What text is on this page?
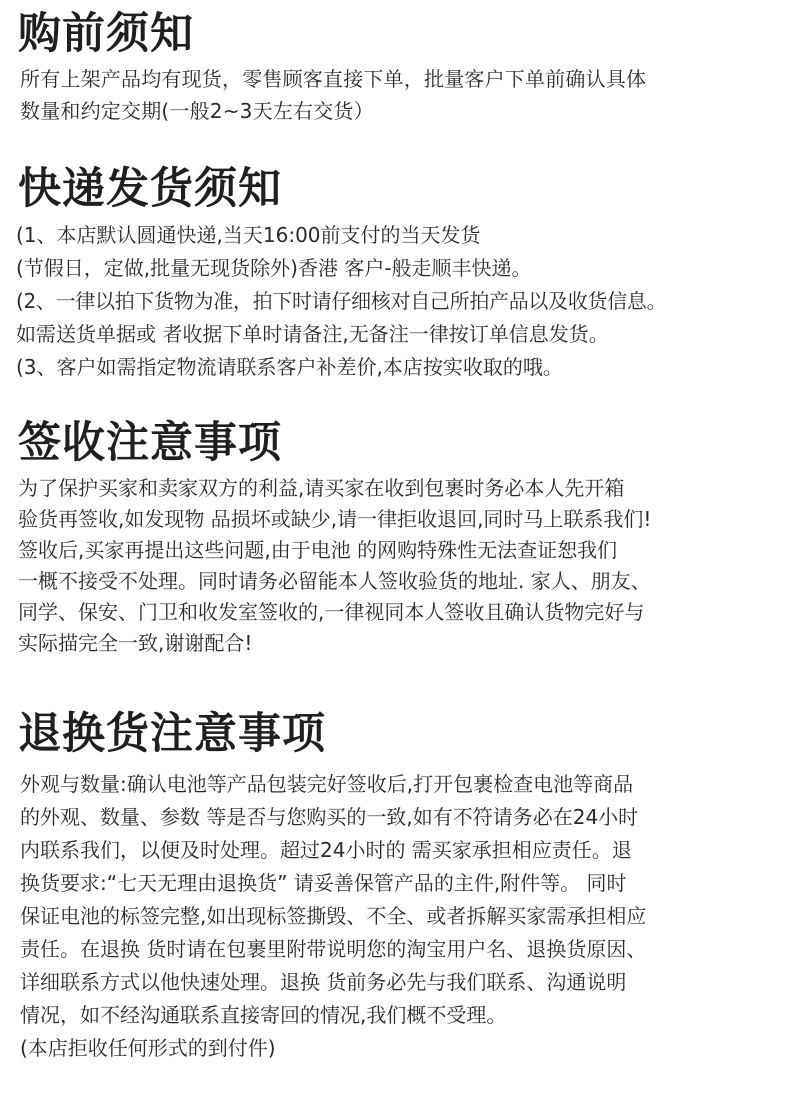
购前须知
所有上架产品均有现货，零售顾客直接下单，批量客户下单前确认具体
数量和约定交期(一般2~3天左右交货）
快递发货须知
(1、本店默认圆通快递,当天16:00前支付的当天发货
(节假日，定做,批量无现货除外)香港 客户-般走顺丰快递。
(2、一律以拍下货物为准，拍下时请仔细核对自己所拍产品以及收货信息。
如需送货单据或 者收据下单时请备注,无备注一律按订单信息发货。
(3、客户如需指定物流请联系客户补差价,本店按实收取的哦。
签收注意事项
为了保护买家和卖家双方的利益,请买家在收到包裹时务必本人先开箱
验货再签收,如发现物 品损坏或缺少,请一律拒收退回,同时马上联系我们!
签收后,买家再提出这些问题,由于电池 的网购特殊性无法查证恕我们
一概不接受不处理。同时请务必留能本人签收验货的地址. 家人、朋友、
同学、保安、门卫和收发室签收的,一律视同本人签收且确认货物完好与
实际描完全一致,谢谢配合!
退换货注意事项
外观与数量:确认电池等产品包装完好签收后,打开包裹检查电池等商品
的外观、数量、参数 等是否与您购买的一致,如有不符请务必在24小时
内联系我们，以便及时处理。超过24小时的 需买家承担相应责任。退
换货要求:“七天无理由退换货” 请妥善保管产品的主件,附件等。 同时
保证电池的标签完整,如出现标签撕毁、不全、或者拆解买家需承担相应
责任。在退换 货时请在包裹里附带说明您的淘宝用户名、退换货原因、
详细联系方式以他快速处理。退换 货前务必先与我们联系、沟通说明
情况，如不经沟通联系直接寄回的情况,我们概不受理。
(本店拒收任何形式的到付件)
